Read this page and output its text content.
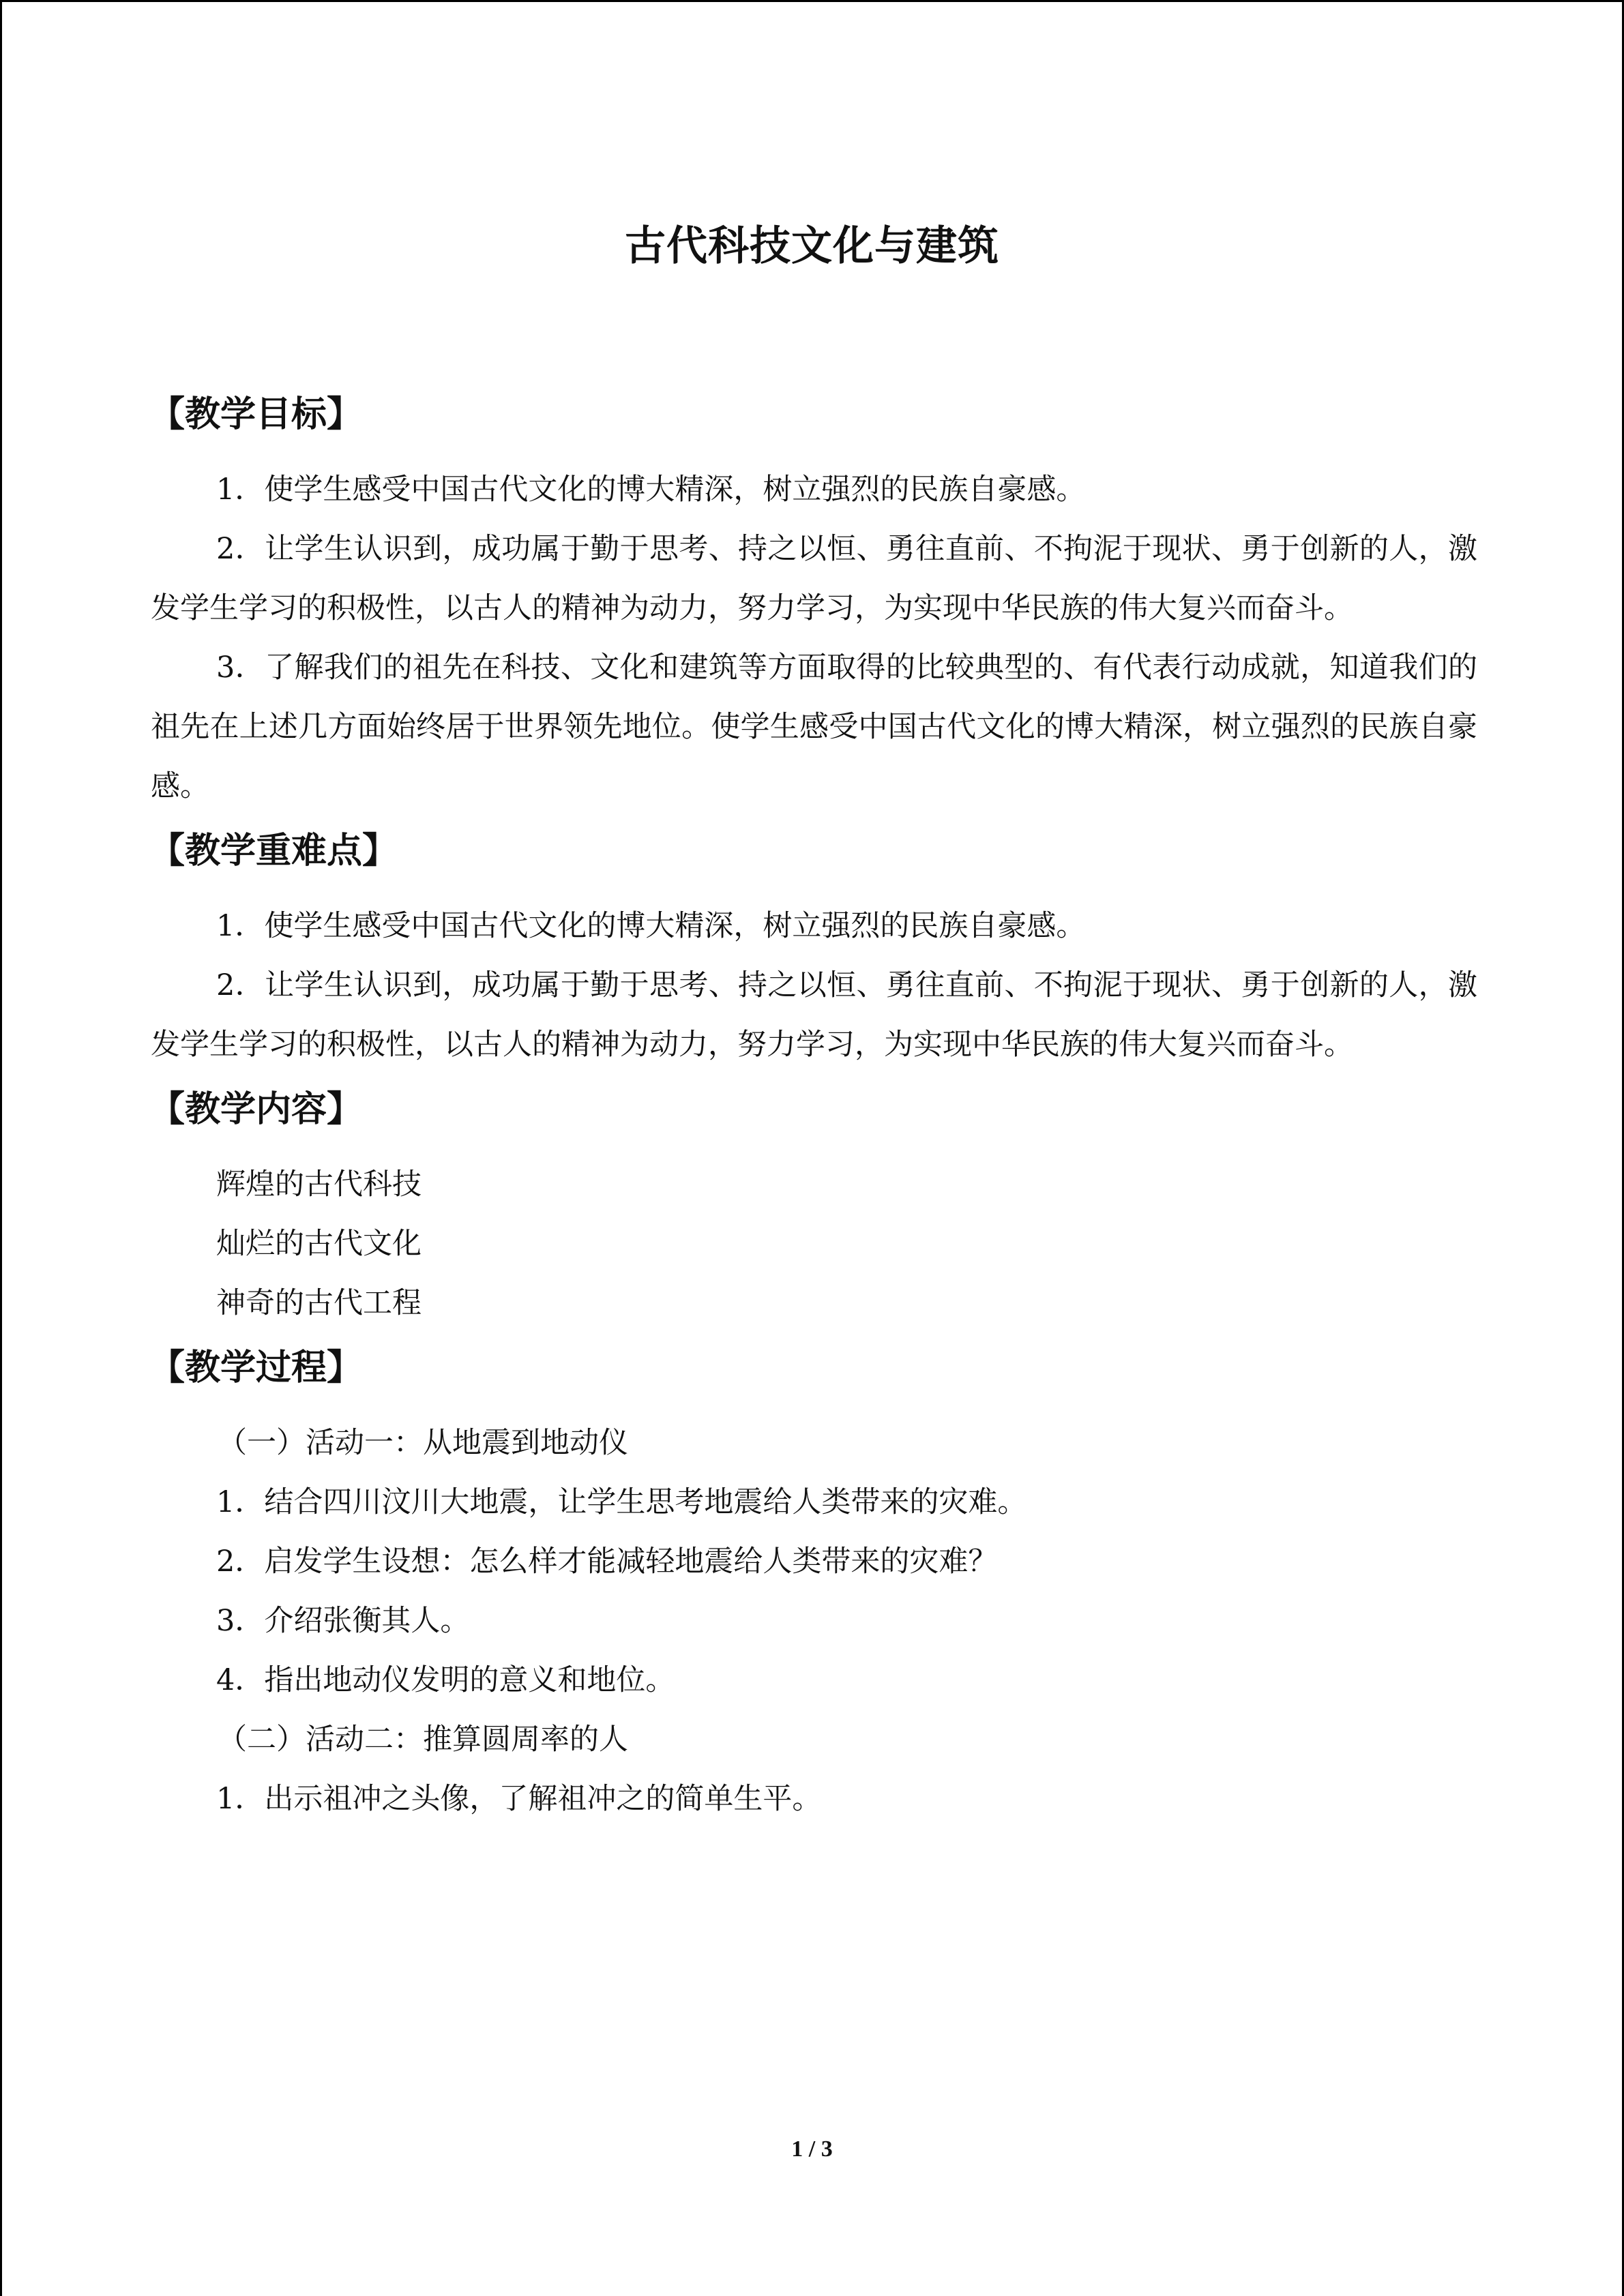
古代科技文化与建筑
【教学目标】

1．使学生感受中国古代文化的博大精深，树立强烈的民族自豪感。

2．让学生认识到，成功属于勤于思考、持之以恒、勇往直前、不拘泥于现状、勇于创新的人，激发学生学习的积极性，以古人的精神为动力，努力学习，为实现中华民族的伟大复兴而奋斗。

3．了解我们的祖先在科技、文化和建筑等方面取得的比较典型的、有代表行动成就，知道我们的祖先在上述几方面始终居于世界领先地位。使学生感受中国古代文化的博大精深，树立强烈的民族自豪感。

【教学重难点】

1．使学生感受中国古代文化的博大精深，树立强烈的民族自豪感。

2．让学生认识到，成功属于勤于思考、持之以恒、勇往直前、不拘泥于现状、勇于创新的人，激发学生学习的积极性，以古人的精神为动力，努力学习，为实现中华民族的伟大复兴而奋斗。

【教学内容】

辉煌的古代科技

灿烂的古代文化

神奇的古代工程

【教学过程】

（一）活动一：从地震到地动仪

1．结合四川汶川大地震，让学生思考地震给人类带来的灾难。

2．启发学生设想：怎么样才能减轻地震给人类带来的灾难？

3．介绍张衡其人。

4．指出地动仪发明的意义和地位。

（二）活动二：推算圆周率的人

1．出示祖冲之头像，了解祖冲之的简单生平。

1 / 3
